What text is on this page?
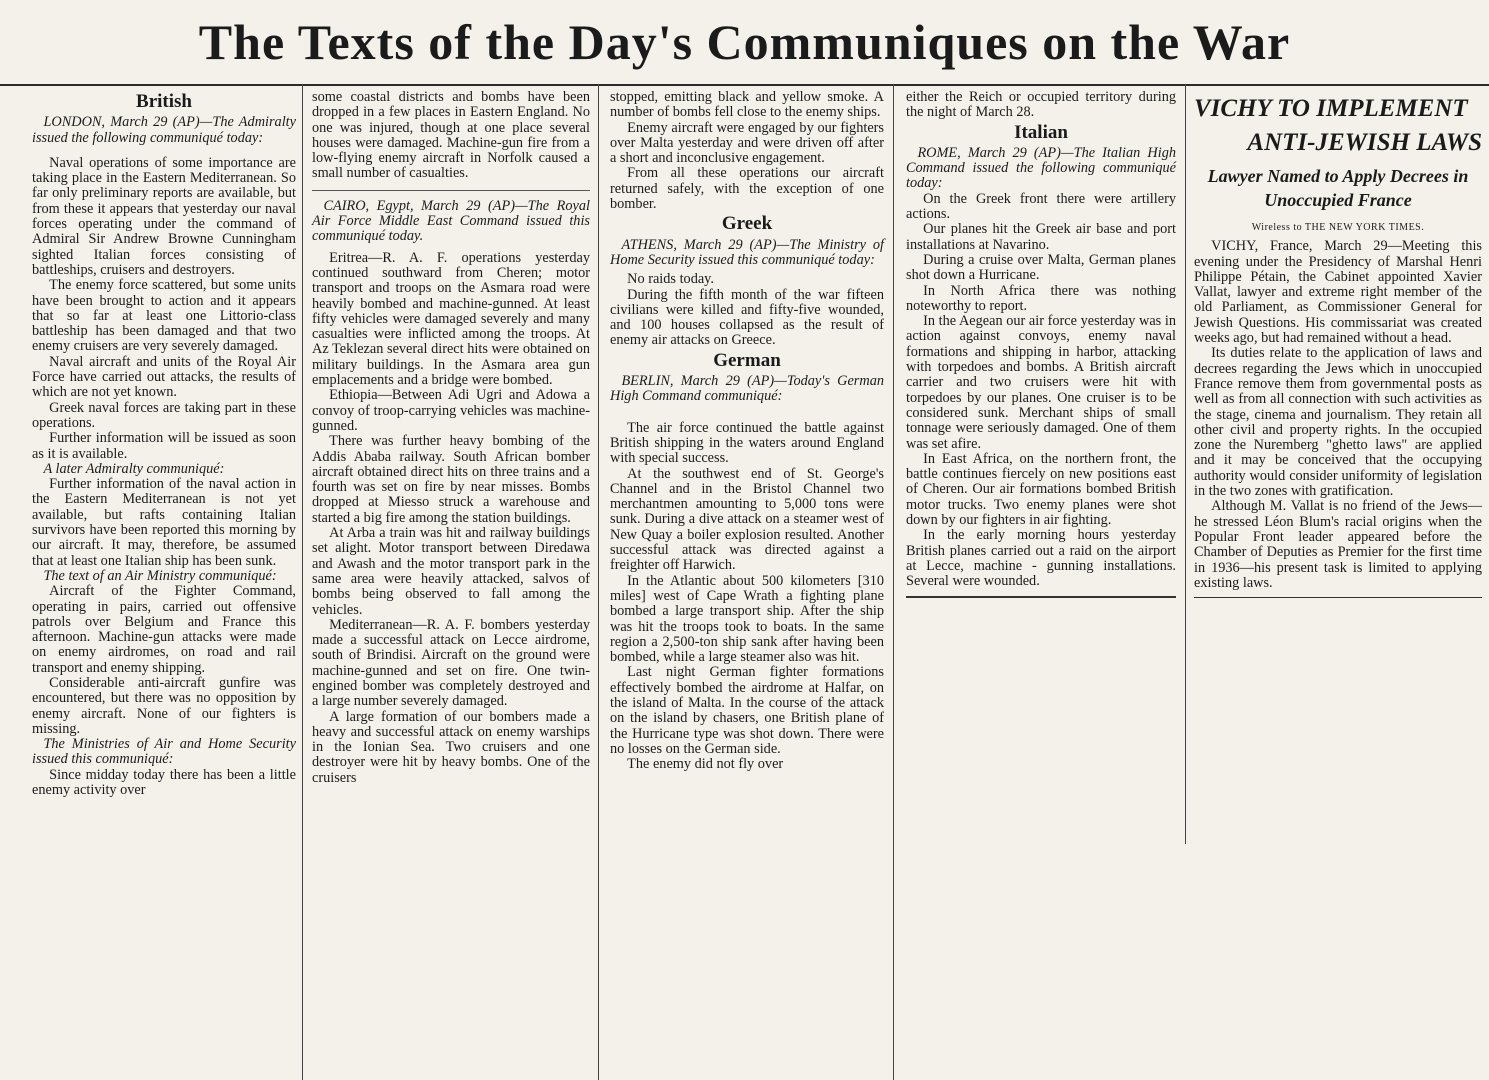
The Texts of the Day's Communiques on the War
British

LONDON, March 29 (AP)—The Admiralty issued the following communiqué today:

Naval operations of some importance are taking place in the Eastern Mediterranean. So far only preliminary reports are available, but from these it appears that yesterday our naval forces operating under the command of Admiral Sir Andrew Browne Cunningham sighted Italian forces consisting of battleships, cruisers and destroyers.

The enemy force scattered, but some units have been brought to action and it appears that so far at least one Littorio-class battleship has been damaged and that two enemy cruisers are very severely damaged.

Naval aircraft and units of the Royal Air Force have carried out attacks, the results of which are not yet known.

Greek naval forces are taking part in these operations.

Further information will be issued as soon as it is available.

A later Admiralty communiqué:

Further information of the naval action in the Eastern Mediterranean is not yet available, but rafts containing Italian survivors have been reported this morning by our aircraft. It may, therefore, be assumed that at least one Italian ship has been sunk.

The text of an Air Ministry communiqué:

Aircraft of the Fighter Command, operating in pairs, carried out offensive patrols over Belgium and France this afternoon. Machine-gun attacks were made on enemy airdromes, on road and rail transport and enemy shipping.

Considerable anti-aircraft gunfire was encountered, but there was no opposition by enemy aircraft. None of our fighters is missing.

The Ministries of Air and Home Security issued this communiqué:

Since midday today there has been a little enemy activity over

some coastal districts and bombs have been dropped in a few places in Eastern England. No one was injured, though at one place several houses were damaged. Machine-gun fire from a low-flying enemy aircraft in Norfolk caused a small number of casualties.

CAIRO, Egypt, March 29 (AP)—The Royal Air Force Middle East Command issued this communiqué today.

Eritrea—R. A. F. operations yesterday continued southward from Cheren; motor transport and troops on the Asmara road were heavily bombed and machine-gunned. At least fifty vehicles were damaged severely and many casualties were inflicted among the troops. At Az Teklezan several direct hits were obtained on military buildings. In the Asmara area gun emplacements and a bridge were bombed.

Ethiopia—Between Adi Ugri and Adowa a convoy of troop-carrying vehicles was machine-gunned.

There was further heavy bombing of the Addis Ababa railway. South African bomber aircraft obtained direct hits on three trains and a fourth was set on fire by near misses. Bombs dropped at Miesso struck a warehouse and started a big fire among the station buildings.

At Arba a train was hit and railway buildings set alight. Motor transport between Diredawa and Awash and the motor transport park in the same area were heavily attacked, salvos of bombs being observed to fall among the vehicles.

Mediterranean—R. A. F. bombers yesterday made a successful attack on Lecce airdrome, south of Brindisi. Aircraft on the ground were machine-gunned and set on fire. One twin-engined bomber was completely destroyed and a large number severely damaged.

A large formation of our bombers made a heavy and successful attack on enemy warships in the Ionian Sea. Two cruisers and one destroyer were hit by heavy bombs. One of the cruisers

stopped, emitting black and yellow smoke. A number of bombs fell close to the enemy ships.

Enemy aircraft were engaged by our fighters over Malta yesterday and were driven off after a short and inconclusive engagement.

From all these operations our aircraft returned safely, with the exception of one bomber.

Greek

ATHENS, March 29 (AP)—The Ministry of Home Security issued this communiqué today:

No raids today.

During the fifth month of the war fifteen civilians were killed and fifty-five wounded, and 100 houses collapsed as the result of enemy air attacks on Greece.

German

BERLIN, March 29 (AP)—Today's German High Command communiqué:

The air force continued the battle against British shipping in the waters around England with special success.

At the southwest end of St. George's Channel and in the Bristol Channel two merchantmen amounting to 5,000 tons were sunk. During a dive attack on a steamer west of New Quay a boiler explosion resulted. Another successful attack was directed against a freighter off Harwich.

In the Atlantic about 500 kilometers [310 miles] west of Cape Wrath a fighting plane bombed a large transport ship. After the ship was hit the troops took to boats. In the same region a 2,500-ton ship sank after having been bombed, while a large steamer also was hit.

Last night German fighter formations effectively bombed the airdrome at Halfar, on the island of Malta. In the course of the attack on the island by chasers, one British plane of the Hurricane type was shot down. There were no losses on the German side.

The enemy did not fly over

either the Reich or occupied territory during the night of March 28.

Italian

ROME, March 29 (AP)—The Italian High Command issued the following communiqué today:

On the Greek front there were artillery actions.

Our planes hit the Greek air base and port installations at Navarino.

During a cruise over Malta, German planes shot down a Hurricane.

In North Africa there was nothing noteworthy to report.

In the Aegean our air force yesterday was in action against convoys, enemy naval formations and shipping in harbor, attacking with torpedoes and bombs. A British aircraft carrier and two cruisers were hit with torpedoes by our planes. One cruiser is to be considered sunk. Merchant ships of small tonnage were seriously damaged. One of them was set afire.

In East Africa, on the northern front, the battle continues fiercely on new positions east of Cheren. Our air formations bombed British motor trucks. Two enemy planes were shot down by our fighters in air fighting.

In the early morning hours yesterday British planes carried out a raid on the airport at Lecce, machine - gunning installations. Several were wounded.

VICHY TO IMPLEMENT
ANTI-JEWISH LAWS
Lawyer Named to Apply Decrees in Unoccupied France
Wireless to THE NEW YORK TIMES.

VICHY, France, March 29—Meeting this evening under the Presidency of Marshal Henri Philippe Pétain, the Cabinet appointed Xavier Vallat, lawyer and extreme right member of the old Parliament, as Commissioner General for Jewish Questions. His commissariat was created weeks ago, but had remained without a head.

Its duties relate to the application of laws and decrees regarding the Jews which in unoccupied France remove them from governmental posts as well as from all connection with such activities as the stage, cinema and journalism. They retain all other civil and property rights. In the occupied zone the Nuremberg "ghetto laws" are applied and it may be conceived that the occupying authority would consider uniformity of legislation in the two zones with gratification.

Although M. Vallat is no friend of the Jews—he stressed Léon Blum's racial origins when the Popular Front leader appeared before the Chamber of Deputies as Premier for the first time in 1936—his present task is limited to applying existing laws.
